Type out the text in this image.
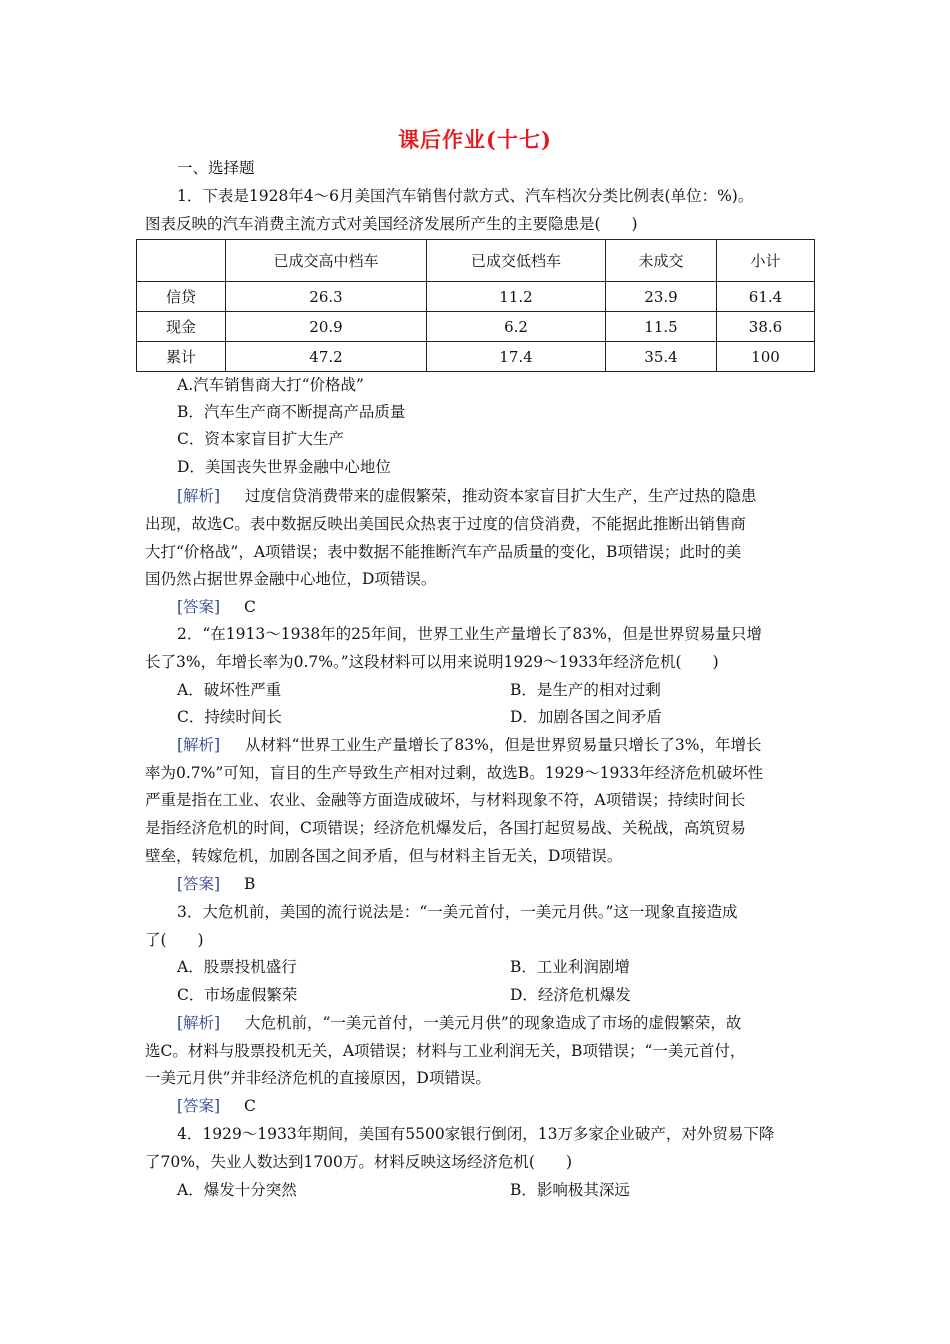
课后作业(十七)
一、选择题
1．下表是1928年4～6月美国汽车销售付款方式、汽车档次分类比例表(单位：%)。
图表反映的汽车消费主流方式对美国经济发展所产生的主要隐患是(　　)
	已成交高中档车	已成交低档车	未成交	小计
信贷	26.3	11.2	23.9	61.4
现金	20.9	6.2	11.5	38.6
累计	47.2	17.4	35.4	100
A.汽车销售商大打“价格战”
B．汽车生产商不断提高产品质量
C．资本家盲目扩大生产
D．美国丧失世界金融中心地位
[解析] 过度信贷消费带来的虚假繁荣，推动资本家盲目扩大生产，生产过热的隐患
出现，故选C。表中数据反映出美国民众热衷于过度的信贷消费，不能据此推断出销售商
大打“价格战”，A项错误；表中数据不能推断汽车产品质量的变化，B项错误；此时的美
国仍然占据世界金融中心地位，D项错误。
[答案] C
2．“在1913～1938年的25年间，世界工业生产量增长了83%，但是世界贸易量只增
长了3%，年增长率为0.7%。”这段材料可以用来说明1929～1933年经济危机(　　)
A．破坏性严重	B．是生产的相对过剩
C．持续时间长	D．加剧各国之间矛盾
[解析] 从材料“世界工业生产量增长了83%，但是世界贸易量只增长了3%，年增长
率为0.7%”可知，盲目的生产导致生产相对过剩，故选B。1929～1933年经济危机破坏性
严重是指在工业、农业、金融等方面造成破坏，与材料现象不符，A项错误；持续时间长
是指经济危机的时间，C项错误；经济危机爆发后，各国打起贸易战、关税战，高筑贸易
壁垒，转嫁危机，加剧各国之间矛盾，但与材料主旨无关，D项错误。
[答案] B
3．大危机前，美国的流行说法是：“一美元首付，一美元月供。”这一现象直接造成
了(　　)
A．股票投机盛行	B．工业利润剧增
C．市场虚假繁荣	D．经济危机爆发
[解析] 大危机前，“一美元首付，一美元月供”的现象造成了市场的虚假繁荣，故
选C。材料与股票投机无关，A项错误；材料与工业利润无关，B项错误；“一美元首付，
一美元月供”并非经济危机的直接原因，D项错误。
[答案] C
4．1929～1933年期间，美国有5500家银行倒闭，13万多家企业破产，对外贸易下降
了70%，失业人数达到1700万。材料反映这场经济危机(　　)
A．爆发十分突然	B．影响极其深远
